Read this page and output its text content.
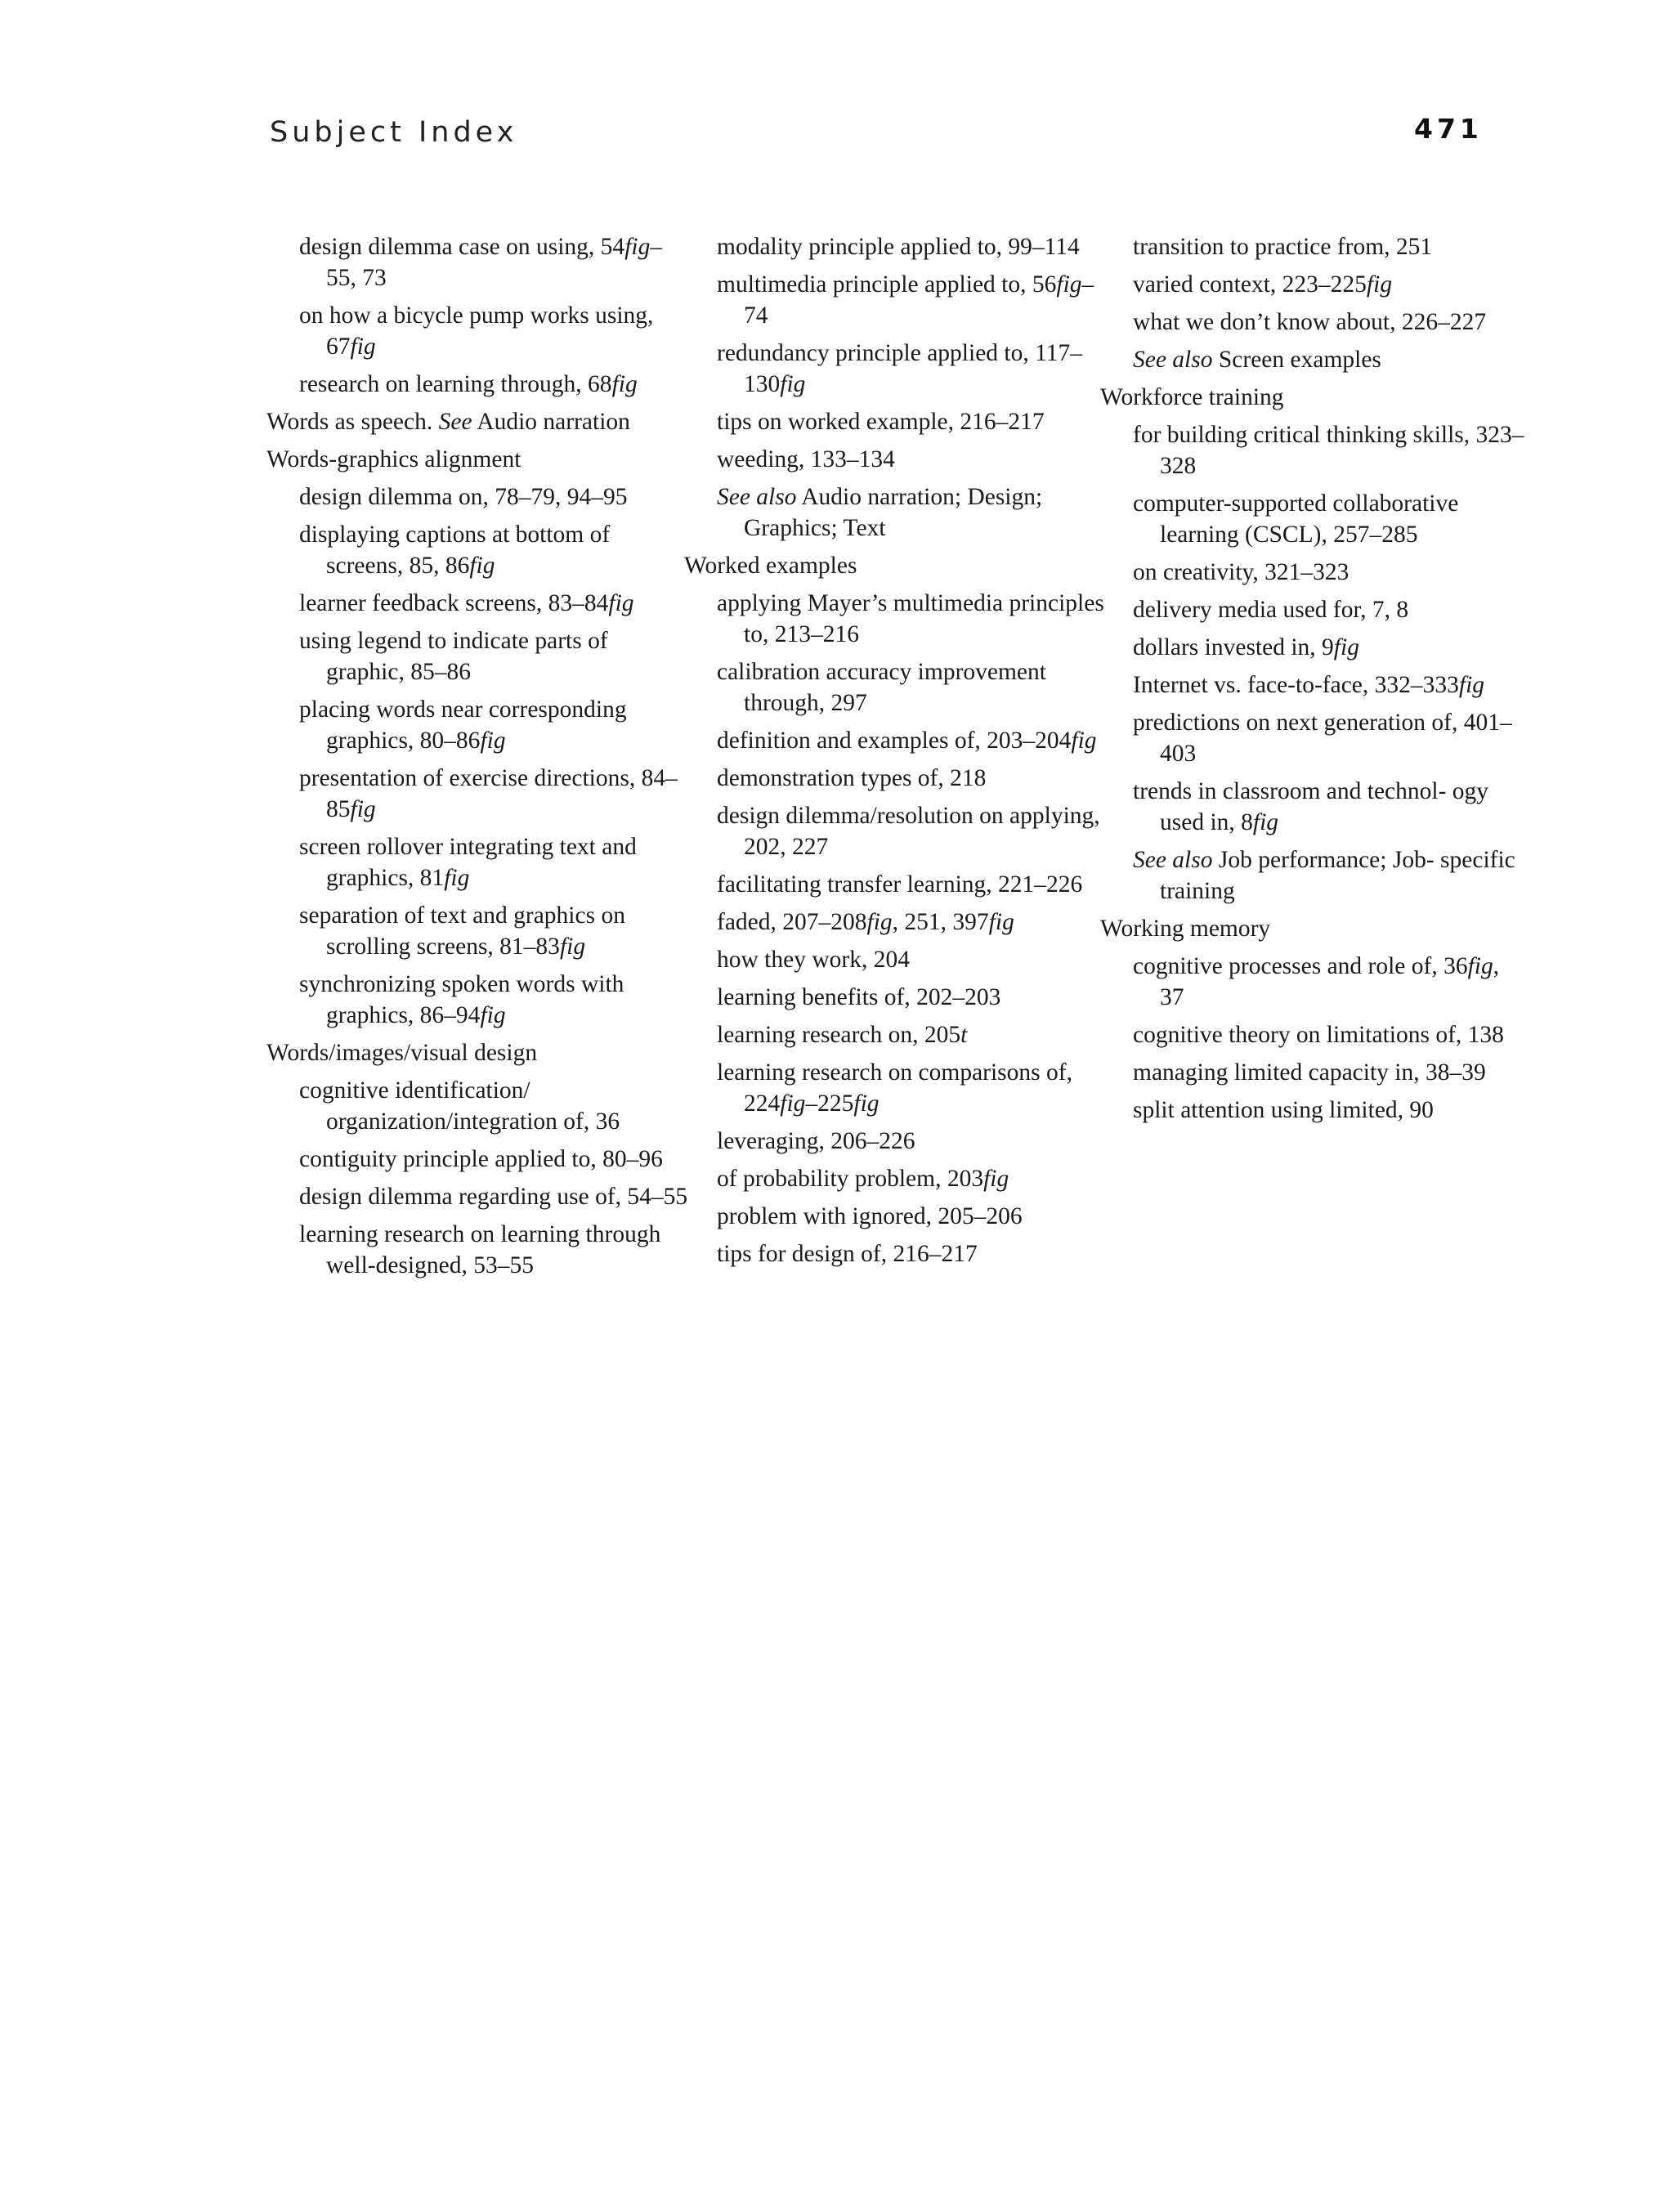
Subject Index	471
design dilemma case on using, 54fig–55, 73
on how a bicycle pump works using, 67fig
research on learning through, 68fig
Words as speech. See Audio narration
Words-graphics alignment
design dilemma on, 78–79, 94–95
displaying captions at bottom of screens, 85, 86fig
learner feedback screens, 83–84fig
using legend to indicate parts of graphic, 85–86
placing words near corresponding graphics, 80–86fig
presentation of exercise directions, 84–85fig
screen rollover integrating text and graphics, 81fig
separation of text and graphics on scrolling screens, 81–83fig
synchronizing spoken words with graphics, 86–94fig
Words/images/visual design
cognitive identification/ organization/integration of, 36
contiguity principle applied to, 80–96
design dilemma regarding use of, 54–55
learning research on learning through well-designed, 53–55
modality principle applied to, 99–114
multimedia principle applied to, 56fig–74
redundancy principle applied to, 117–130fig
tips on worked example, 216–217
weeding, 133–134
See also Audio narration; Design; Graphics; Text
Worked examples
applying Mayer’s multimedia principles to, 213–216
calibration accuracy improvement through, 297
definition and examples of, 203–204fig
demonstration types of, 218
design dilemma/resolution on applying, 202, 227
facilitating transfer learning, 221–226
faded, 207–208fig, 251, 397fig
how they work, 204
learning benefits of, 202–203
learning research on, 205t
learning research on comparisons of, 224fig–225fig
leveraging, 206–226
of probability problem, 203fig
problem with ignored, 205–206
tips for design of, 216–217
transition to practice from, 251
varied context, 223–225fig
what we don’t know about, 226–227
See also Screen examples
Workforce training
for building critical thinking skills, 323–328
computer-supported collaborative learning (CSCL), 257–285
on creativity, 321–323
delivery media used for, 7, 8
dollars invested in, 9fig
Internet vs. face-to-face, 332–333fig
predictions on next generation of, 401–403
trends in classroom and technol- ogy used in, 8fig
See also Job performance; Job- specific training
Working memory
cognitive processes and role of, 36fig, 37
cognitive theory on limitations of, 138
managing limited capacity in, 38–39
split attention using limited, 90
